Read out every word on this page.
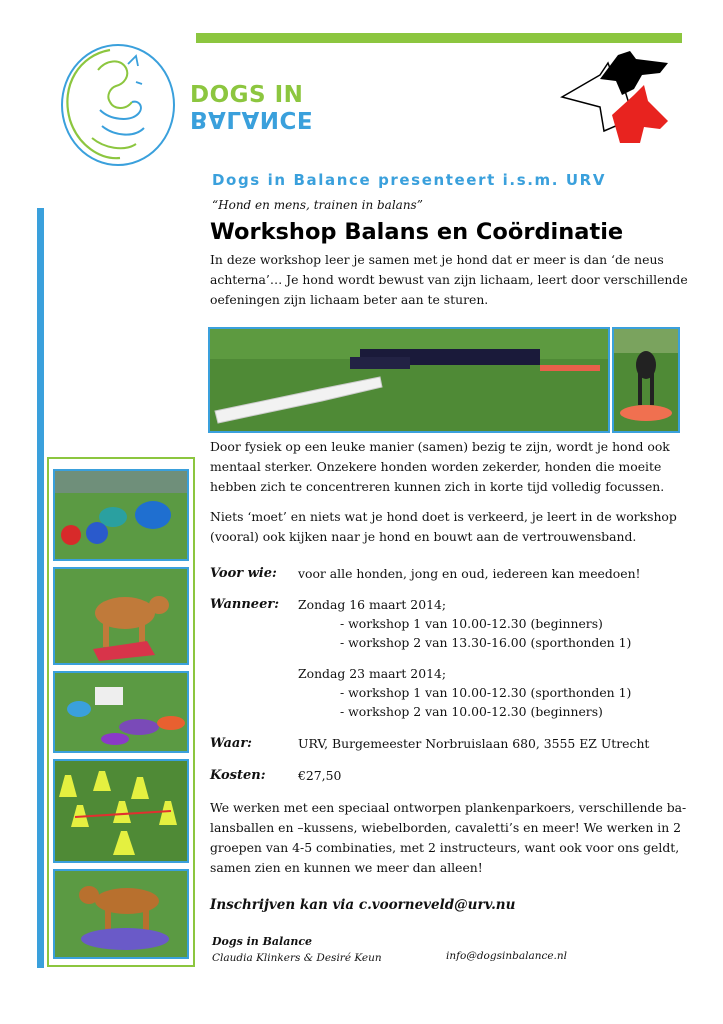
DOGS IN
BALANCE
Dogs in Balance presenteert i.s.m. URV
“Hond en mens, trainen in balans”
Workshop Balans en Coördinatie
In deze workshop leer je samen met je hond dat er meer is dan ‘de neus
achterna’… Je hond wordt bewust van zijn lichaam, leert door verschillende
oefeningen zijn lichaam beter aan te sturen.
Door fysiek op een leuke manier (samen) bezig te zijn, wordt je hond ook
mentaal sterker. Onzekere honden worden zekerder, honden die moeite
hebben zich te concentreren kunnen zich in korte tijd volledig focussen.
Niets ‘moet’ en niets wat je hond doet is verkeerd, je leert in de workshop
(vooral) ook kijken naar je hond en bouwt aan de vertrouwensband.
Voor wie: voor alle honden, jong en oud, iedereen kan meedoen!
Wanneer: Zondag 16 maart 2014;
- workshop 1 van 10.00-12.30 (beginners)
- workshop 2 van 13.30-16.00 (sporthonden 1)
Zondag 23 maart 2014;
- workshop 1 van 10.00-12.30 (sporthonden 1)
- workshop 2 van 10.00-12.30 (beginners)
Waar:	URV, Burgemeester Norbruislaan 680, 3555 EZ Utrecht
Kosten:	€27,50
We werken met een speciaal ontworpen plankenparkoers, verschillende ba-
lansballen en –kussens, wiebelborden, cavaletti’s en meer! We werken in 2
groepen van 4-5 combinaties, met 2 instructeurs, want ook voor ons geldt,
samen zien en kunnen we meer dan alleen!
Inschrijven kan via c.voorneveld@urv.nu
Dogs in Balance
Claudia Klinkers & Desiré Keun	info@dogsinbalance.nl
